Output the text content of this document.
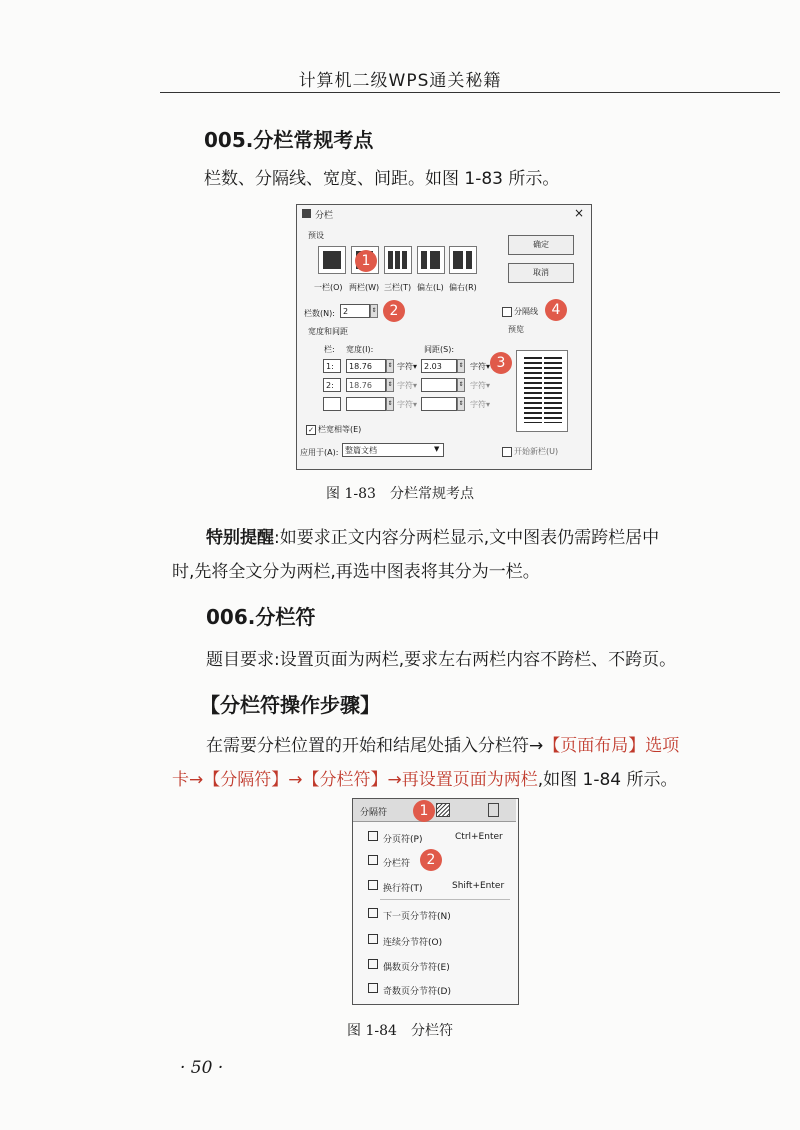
计算机二级WPS通关秘籍
005.分栏常规考点
栏数、分隔线、宽度、间距。如图 1-83 所示。
分栏	×
预设
一栏(O) 两栏(W) 三栏(T) 偏左(L) 偏右(R)
确定
取消
栏数(N):	2	⇕	分隔线
预览
宽度和间距
栏: 宽度(I):	间距(S):
1:	18.76	⇕ 字符▾ 2.03	⇕ 字符▾
2:	18.76	⇕ 字符▾	⇕ 字符▾
⇕ 字符▾	⇕ 字符▾
✓ 栏宽相等(E)
应用于(A): 整篇文档	▼	开始新栏(U)
1
2
3
4
图 1-83 分栏常规考点
特别提醒:如要求正文内容分两栏显示,文中图表仍需跨栏居中
时,先将全文分为两栏,再选中图表将其分为一栏。
006.分栏符
题目要求:设置页面为两栏,要求左右两栏内容不跨栏、不跨页。
【分栏符操作步骤】
在需要分栏位置的开始和结尾处插入分栏符→【页面布局】选项
卡→【分隔符】→【分栏符】→再设置页面为两栏,如图 1-84 所示。
分隔符
分页符(P)	Ctrl+Enter
分栏符
换行符(T)	Shift+Enter
下一页分节符(N)
连续分节符(O)
偶数页分节符(E)
奇数页分节符(D)
1
2
图 1-84 分栏符
· 50 ·
